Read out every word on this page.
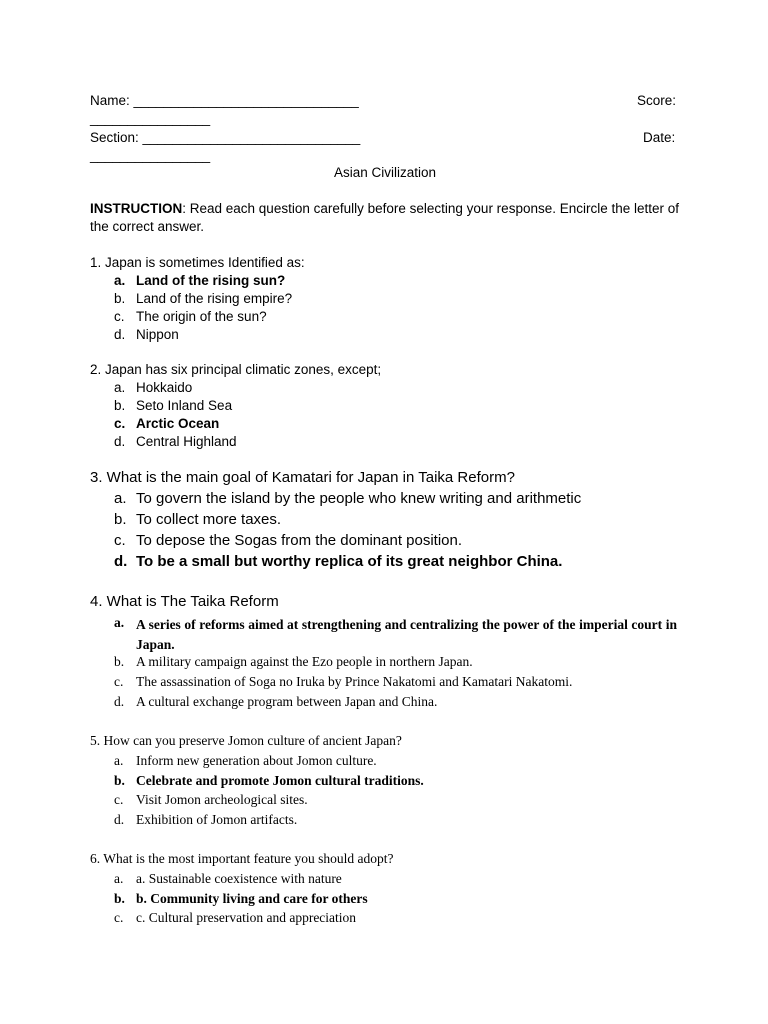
Name: ______________________________	Score:
________________
Section: _____________________________	Date:
________________
Asian Civilization
INSTRUCTION: Read each question carefully before selecting your response. Encircle the letter of
the correct answer.
1. Japan is sometimes Identified as:
a. Land of the rising sun?
b. Land of the rising empire?
c. The origin of the sun?
d. Nippon
2. Japan has six principal climatic zones, except;
a. Hokkaido
b. Seto Inland Sea
c. Arctic Ocean
d. Central Highland
3. What is the main goal of Kamatari for Japan in Taika Reform?
a. To govern the island by the people who knew writing and arithmetic
b. To collect more taxes.
c. To depose the Sogas from the dominant position.
d. To be a small but worthy replica of its great neighbor China.
4. What is The Taika Reform
a. A series of reforms aimed at strengthening and centralizing the power of the imperial court in Japan.
b. A military campaign against the Ezo people in northern Japan.
c. The assassination of Soga no Iruka by Prince Nakatomi and Kamatari Nakatomi.
d. A cultural exchange program between Japan and China.
5. How can you preserve Jomon culture of ancient Japan?
a. Inform new generation about Jomon culture.
b. Celebrate and promote Jomon cultural traditions.
c. Visit Jomon archeological sites.
d. Exhibition of Jomon artifacts.
6. What is the most important feature you should adopt?
a. a. Sustainable coexistence with nature
b. b. Community living and care for others
c. c. Cultural preservation and appreciation
